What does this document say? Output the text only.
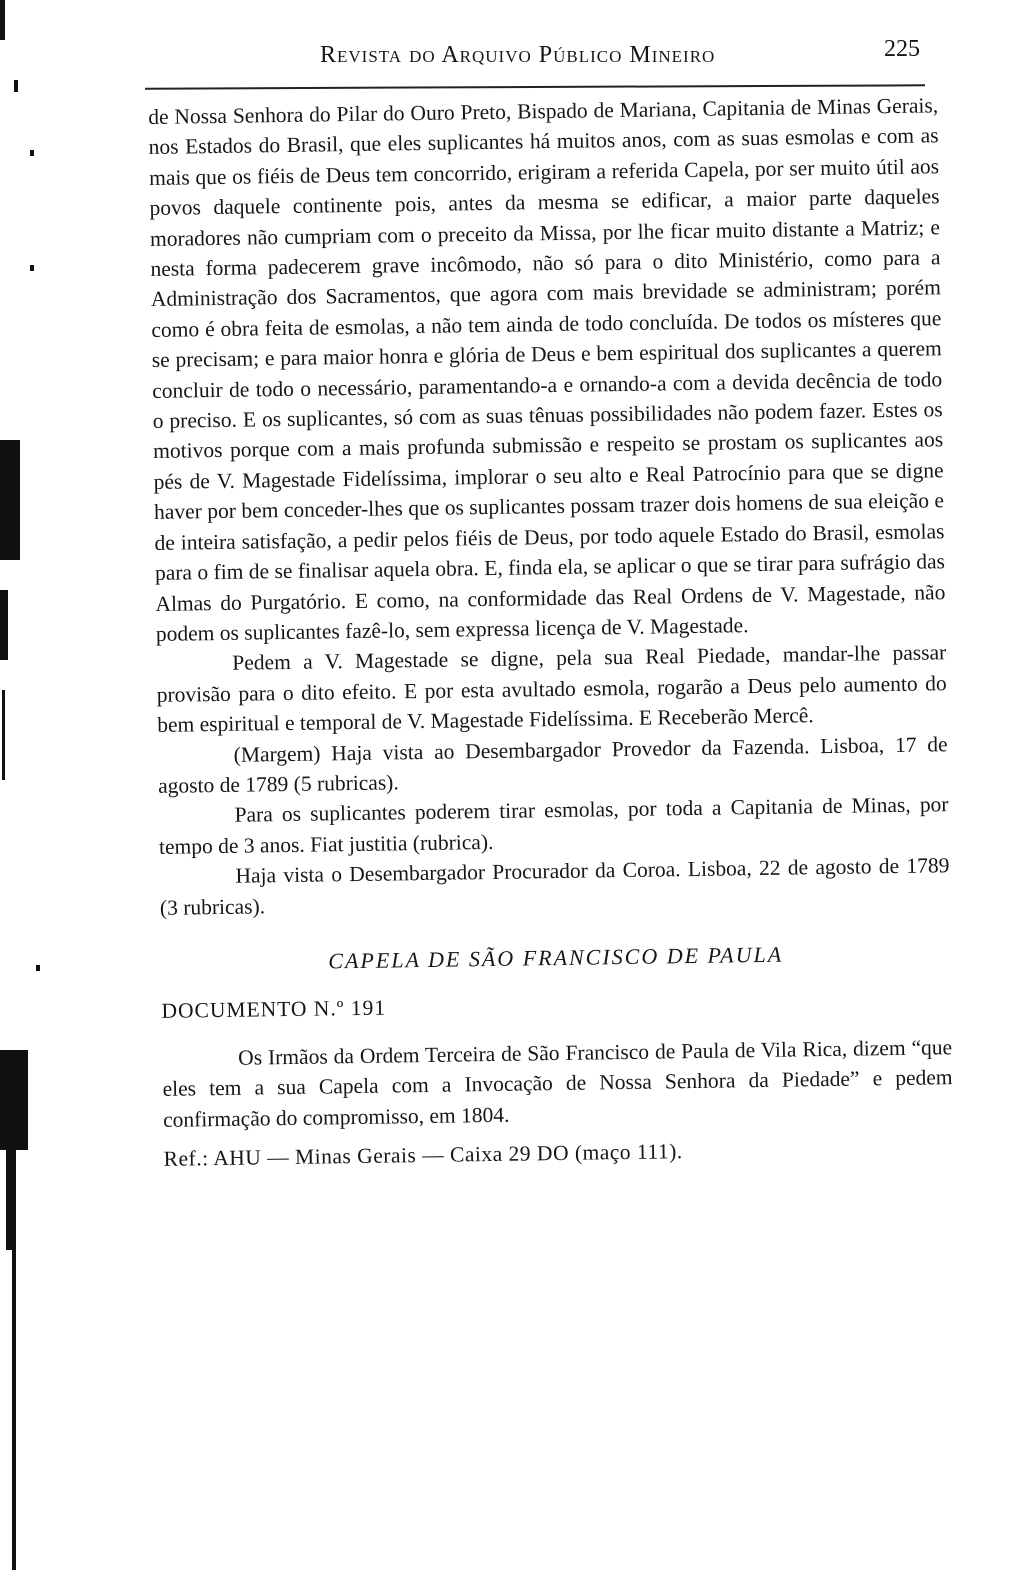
Revista do Arquivo Público Mineiro	225

de Nossa Senhora do Pilar do Ouro Preto, Bispado de Mariana, Capitania de Minas Gerais, nos Estados do Brasil, que eles suplicantes há muitos anos, com as suas esmolas e com as mais que os fiéis de Deus tem concorrido, erigiram a referida Capela, por ser muito útil aos povos daquele continente pois, antes da mesma se edificar, a maior parte daqueles moradores não cumpriam com o preceito da Missa, por lhe ficar muito distante a Matriz; e nesta forma padecerem grave incômodo, não só para o dito Ministério, como para a Administração dos Sacramentos, que agora com mais brevidade se administram; porém como é obra feita de esmolas, a não tem ainda de todo concluída. De todos os místeres que se precisam; e para maior honra e glória de Deus e bem espiritual dos suplicantes a querem concluir de todo o necessário, paramentando-a e ornando-a com a devida decência de todo o preciso. E os suplicantes, só com as suas tênuas possibilidades não podem fazer. Estes os motivos porque com a mais profunda submissão e respeito se prostam os suplicantes aos pés de V. Magestade Fidelíssima, implorar o seu alto e Real Patrocínio para que se digne haver por bem conceder-lhes que os suplicantes possam trazer dois homens de sua eleição e de inteira satisfação, a pedir pelos fiéis de Deus, por todo aquele Estado do Brasil, esmolas para o fim de se finalisar aquela obra. E, finda ela, se aplicar o que se tirar para sufrágio das Almas do Purgatório. E como, na conformidade das Real Ordens de V. Magestade, não podem os suplicantes fazê-lo, sem expressa licença de V. Magestade.

Pedem a V. Magestade se digne, pela sua Real Piedade, mandar-lhe passar provisão para o dito efeito. E por esta avultado esmola, rogarão a Deus pelo aumento do bem espiritual e temporal de V. Magestade Fidelíssima. E Receberão Mercê.

(Margem) Haja vista ao Desembargador Provedor da Fazenda. Lisboa, 17 de agosto de 1789 (5 rubricas).

Para os suplicantes poderem tirar esmolas, por toda a Capitania de Minas, por tempo de 3 anos. Fiat justitia (rubrica).

Haja vista o Desembargador Procurador da Coroa. Lisboa, 22 de agosto de 1789 (3 rubricas).

CAPELA DE SÃO FRANCISCO DE PAULA

DOCUMENTO N.º 191

Os Irmãos da Ordem Terceira de São Francisco de Paula de Vila Rica, dizem “que eles tem a sua Capela com a Invocação de Nossa Senhora da Piedade” e pedem confirmação do compromisso, em 1804.

Ref.: AHU — Minas Gerais — Caixa 29 DO (maço 111).
